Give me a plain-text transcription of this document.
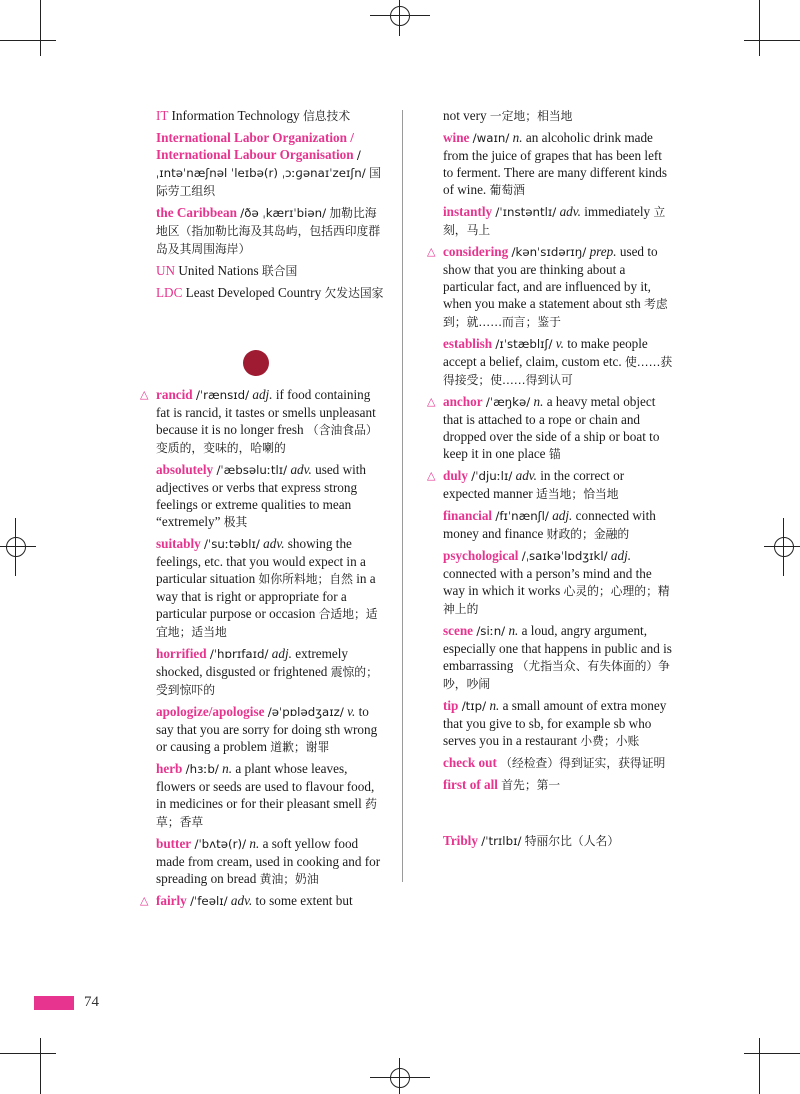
IT Information Technology 信息技术
International Labor Organization / International Labour Organisation /ˌɪntəˈnæʃnəl ˈleɪbə(r) ˌɔːɡənaɪˈzeɪʃn/ 国际劳工组织
the Caribbean /ðə ˌkærɪˈbiən/ 加勒比海地区（指加勒比海及其岛屿，包括西印度群岛及其周围海岸）
UN United Nations 联合国
LDC Least Developed Country 欠发达国家
△ rancid /ˈrænsɪd/ adj. if food containing fat is rancid, it tastes or smells unpleasant because it is no longer fresh （含油食品）变质的，变味的，哈喇的
absolutely /ˈæbsəluːtlɪ/ adv. used with adjectives or verbs that express strong feelings or extreme qualities to mean “extremely” 极其
suitably /ˈsuːtəblɪ/ adv. showing the feelings, etc. that you would expect in a particular situation 如你所料地；自然 in a way that is right or appropriate for a particular purpose or occasion 合适地；适宜地；适当地
horrified /ˈhɒrɪfaɪd/ adj. extremely shocked, disgusted or frightened 震惊的；受到惊吓的
apologize/apologise /əˈpɒlədʒaɪz/ v. to say that you are sorry for doing sth wrong or causing a problem 道歉；谢罪
herb /hɜːb/ n. a plant whose leaves, flowers or seeds are used to flavour food, in medicines or for their pleasant smell 药草；香草
butter /ˈbʌtə(r)/ n. a soft yellow food made from cream, used in cooking and for spreading on bread 黄油；奶油
△ fairly /ˈfeəlɪ/ adv. to some extent but
not very 一定地；相当地
wine /waɪn/ n. an alcoholic drink made from the juice of grapes that has been left to ferment. There are many different kinds of wine. 葡萄酒
instantly /ˈɪnstəntlɪ/ adv. immediately 立刻，马上
△ considering /kənˈsɪdərɪŋ/ prep. used to show that you are thinking about a particular fact, and are influenced by it, when you make a statement about sth 考虑到；就……而言；鉴于
establish /ɪˈstæblɪʃ/ v. to make people accept a belief, claim, custom etc. 使……获得接受；使……得到认可
△ anchor /ˈæŋkə/ n. a heavy metal object that is attached to a rope or chain and dropped over the side of a ship or boat to keep it in one place 锚
△ duly /ˈdjuːlɪ/ adv. in the correct or expected manner 适当地；恰当地
financial /fɪˈnænʃl/ adj. connected with money and finance 财政的；金融的
psychological /ˌsaɪkəˈlɒdʒɪkl/ adj. connected with a person’s mind and the way in which it works 心灵的；心理的；精神上的
scene /siːn/ n. a loud, angry argument, especially one that happens in public and is embarrassing （尤指当众、有失体面的）争吵，吵闹
tip /tɪp/ n. a small amount of extra money that you give to sb, for example sb who serves you in a restaurant 小费；小账
check out （经检查）得到证实，获得证明
first of all 首先；第一
Tribly /ˈtrɪlbɪ/ 特丽尔比（人名）
74
